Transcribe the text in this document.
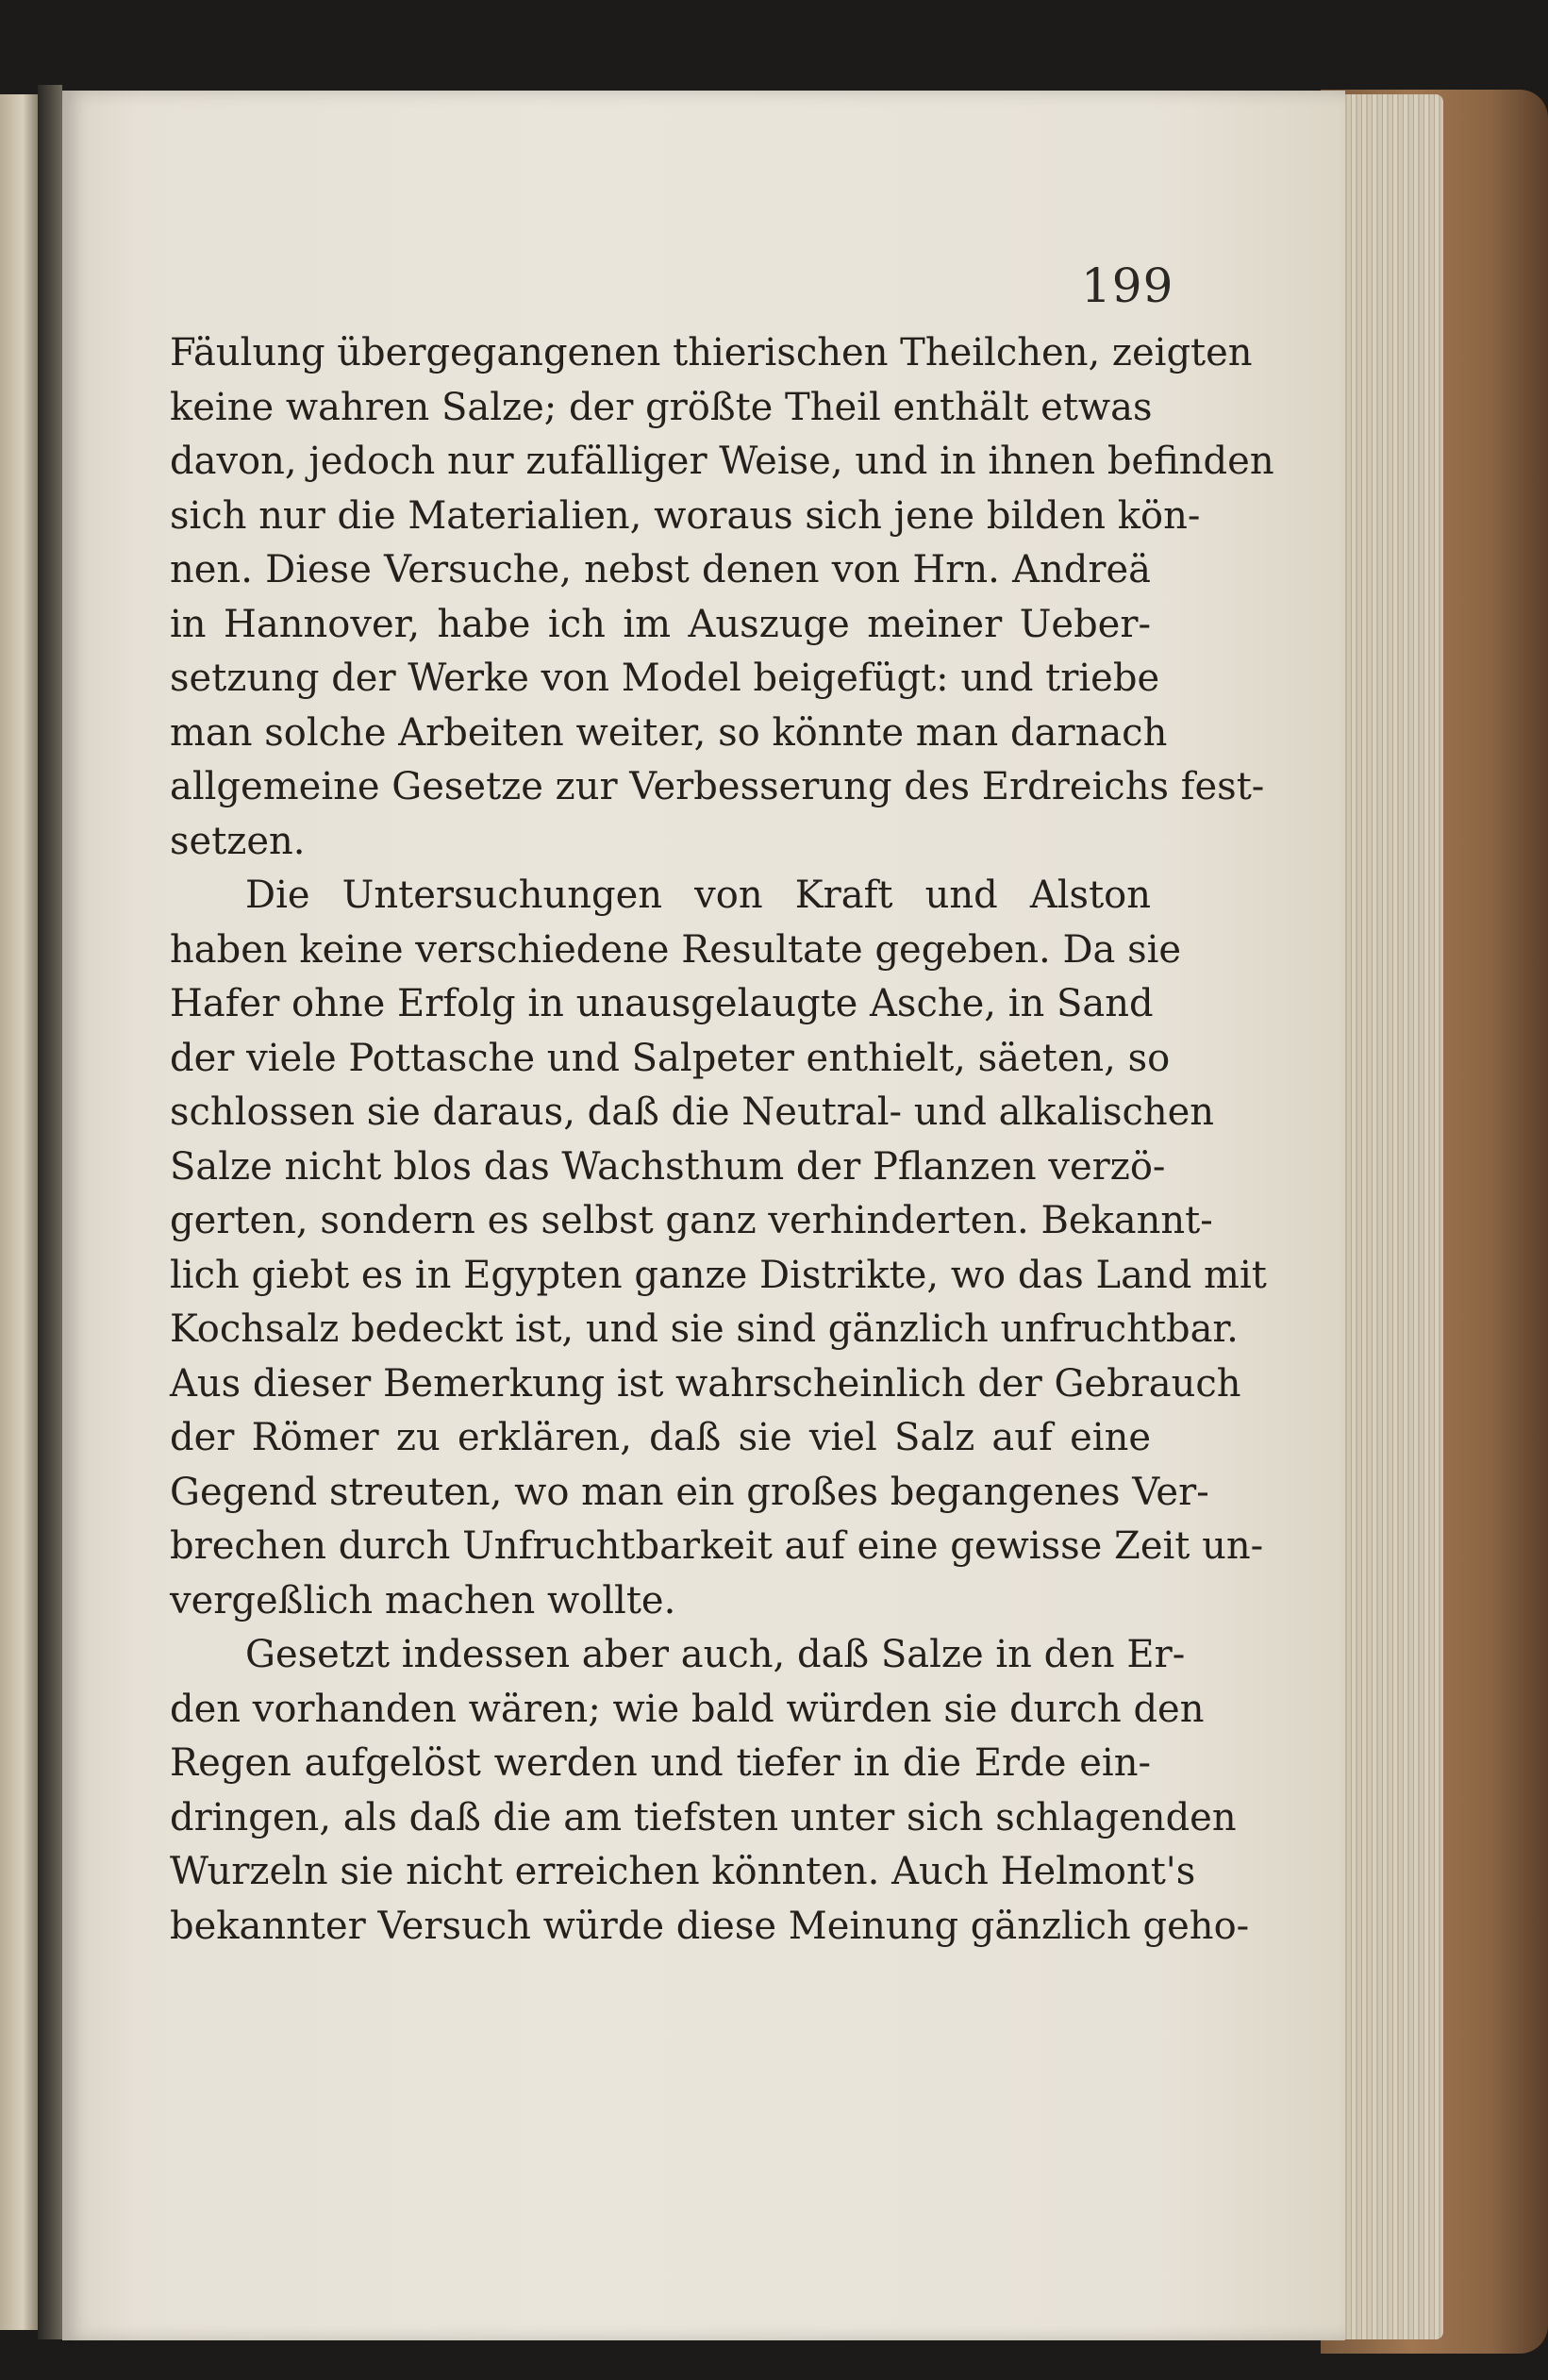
199
Fäulung übergegangenen thierischen Theilchen, zeigten
keine wahren Salze; der größte Theil enthält etwas
davon, jedoch nur zufälliger Weise, und in ihnen befinden
sich nur die Materialien, woraus sich jene bilden kön-
nen. Diese Versuche, nebst denen von Hrn. Andreä
in Hannover, habe ich im Auszuge meiner Ueber-
setzung der Werke von Model beigefügt: und triebe
man solche Arbeiten weiter, so könnte man darnach
allgemeine Gesetze zur Verbesserung des Erdreichs fest-
setzen.
Die Untersuchungen von Kraft und Alston
haben keine verschiedene Resultate gegeben. Da sie
Hafer ohne Erfolg in unausgelaugte Asche, in Sand
der viele Pottasche und Salpeter enthielt, säeten, so
schlossen sie daraus, daß die Neutral- und alkalischen
Salze nicht blos das Wachsthum der Pflanzen verzö-
gerten, sondern es selbst ganz verhinderten. Bekannt-
lich giebt es in Egypten ganze Distrikte, wo das Land mit
Kochsalz bedeckt ist, und sie sind gänzlich unfruchtbar.
Aus dieser Bemerkung ist wahrscheinlich der Gebrauch
der Römer zu erklären, daß sie viel Salz auf eine
Gegend streuten, wo man ein großes begangenes Ver-
brechen durch Unfruchtbarkeit auf eine gewisse Zeit un-
vergeßlich machen wollte.
Gesetzt indessen aber auch, daß Salze in den Er-
den vorhanden wären; wie bald würden sie durch den
Regen aufgelöst werden und tiefer in die Erde ein-
dringen, als daß die am tiefsten unter sich schlagenden
Wurzeln sie nicht erreichen könnten. Auch Helmont's
bekannter Versuch würde diese Meinung gänzlich geho-
